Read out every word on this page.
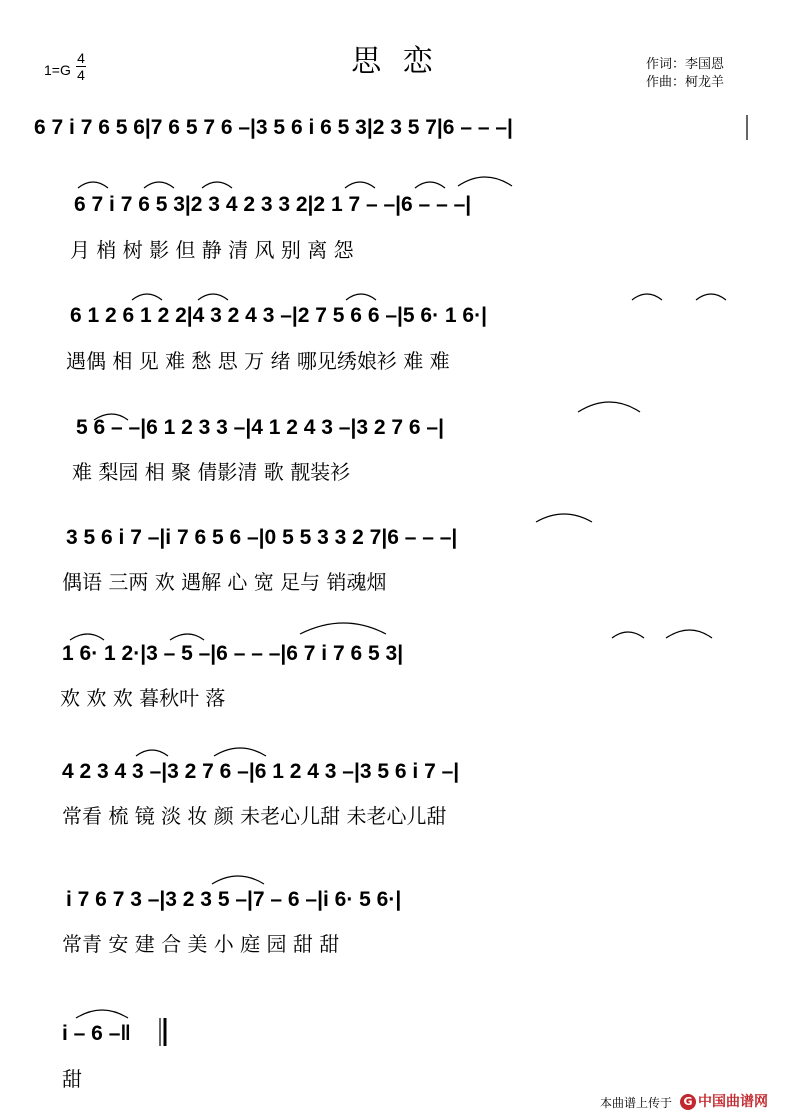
思 恋
1=G
4
4
作词：李国恩
作曲：柯龙羊
6 7 i 7 6 5 6|7 6 5 7 6 –|3 5 6 i 6 5 3|2 3 5 7|6 – – –|
6 7 i 7 6 5 3|2 3 4 2 3 3 2|2 1 7 – –|6 – – –|
月 梢 树 影 但 静 清 风 别 离 怨
6 1 2 6 1 2 2|4 3 2 4 3 –|2 7 5 6 6 –|5 6· 1 6·|
遇偶 相 见 难 愁 思 万 绪 哪见绣娘衫 难 难
5 6 – –|6 1 2 3 3 –|4 1 2 4 3 –|3 2 7 6 –|
难 梨园 相 聚 倩影清 歌 靓装衫
3 5 6 i 7 –|i 7 6 5 6 –|0 5 5 3 3 2 7|6 – – –|
偶语 三两 欢 遇解 心 宽 足与 销魂烟
1 6· 1 2·|3 – 5 –|6 – – –|6 7 i 7 6 5 3|
欢 欢 欢 暮秋叶 落
4 2 3 4 3 –|3 2 7 6 –|6 1 2 4 3 –|3 5 6 i 7 –|
常看 梳 镜 淡 妆 颜 未老心儿甜 未老心儿甜
i 7 6 7 3 –|3 2 3 5 –|7 – 6 –|i 6· 5 6·|
常青 安 建 合 美 小 庭 园 甜 甜
i – 6 –‖
甜
本曲谱上传于	G 中国曲谱网
